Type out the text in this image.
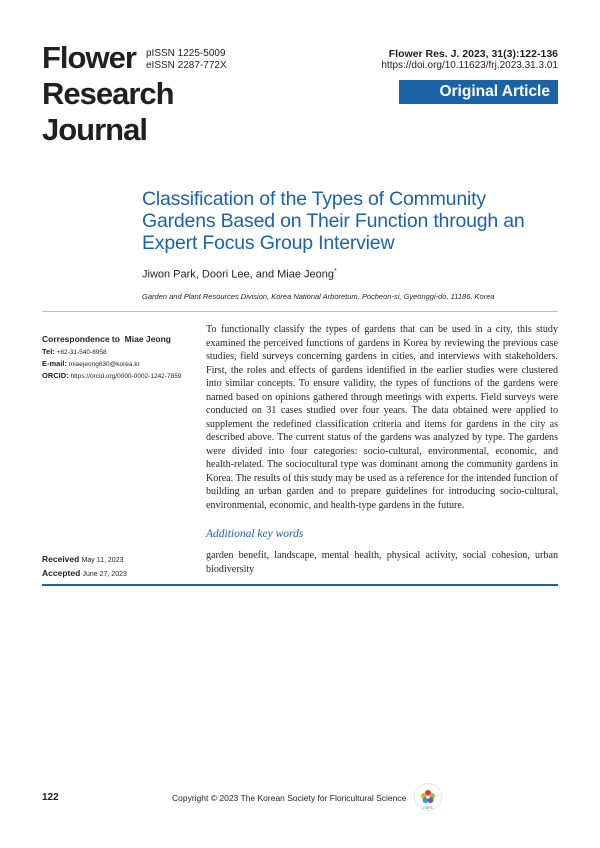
Flower
Research
Journal
pISSN 1225-5009
eISSN 2287-772X
Flower Res. J. 2023, 31(3):122-136
https://doi.org/10.11623/frj.2023.31.3.01
Original Article
Classification of the Types of Community Gardens Based on Their Function through an Expert Focus Group Interview
Jiwon Park, Doori Lee, and Miae Jeong*
Garden and Plant Resources Division, Korea National Arboretum, Pocheon-si, Gyeonggi-do, 11186, Korea
Correspondence to Miae Jeong
Tel: +82-31-540-8958
E-mail: miaejeong630@korea.kr
ORCID: https://orcid.org/0000-0002-1242-7859
To functionally classify the types of gardens that can be used in a city, this study examined the perceived functions of gardens in Korea by reviewing the previous case studies, field surveys concerning gardens in cities, and interviews with stakeholders. First, the roles and effects of gardens identified in the earlier studies were clustered into similar concepts. To ensure validity, the types of functions of the gardens were named based on opinions gathered through meetings with experts. Field surveys were conducted on 31 cases studied over four years. The data obtained were applied to supplement the redefined classification criteria and items for gardens in the city as described above. The current status of the gardens was analyzed by type. The gardens were divided into four categories: socio-cultural, environmental, economic, and health-related. The sociocultural type was dominant among the community gardens in Korea. The results of this study may be used as a reference for the intended function of building an urban garden and to prepare guidelines for introducing socio-cultural, environmental, economic, and health-type gardens in the future.
Additional key words
garden benefit, landscape, mental health, physical activity, social cohesion, urban biodiversity
Received May 11, 2023
Accepted June 27, 2023
122	Copyright © 2023 The Korean Society for Floricultural Science
KSFS
